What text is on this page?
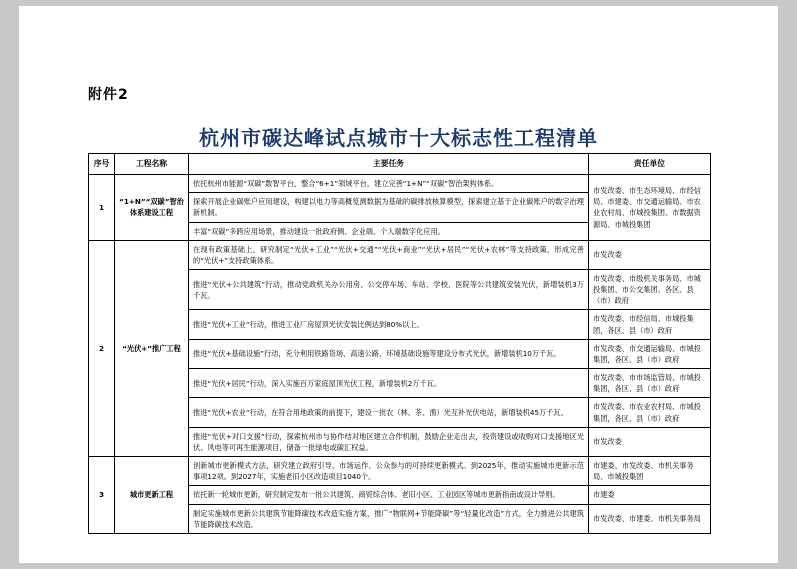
附件2
杭州市碳达峰试点城市十大标志性工程清单
序号	工程名称	主要任务	责任单位
1	“1+N”“双碳”智治体系建设工程	依托杭州市能源“双碳”数智平台，整合“6+1”领域平台，建立完善“1+N”“双碳”智治架构体系。	市发改委、市生态环境局、市经信局、市建委、市交通运输局、市农业农村局、市城投集团、市数据资源局、市城投集团
		探索开展企业碳账户应用建设，构建以电力等高概览测数据为基础的碳排放核算模型，探索建立基于企业碳账户的数字治理新机制。	
		丰富“双碳”多跨应用场景，推动建设一批政府侧、企业端、个人端数字化应用。	
2	“光伏+”推广工程	在现有政策基础上，研究制定“光伏+工业”“光伏+交通”“光伏+商业”“光伏+居民”“光伏+农林”等支持政策，形成完善的“光伏+”支持政策体系。	市发改委
		推进“光伏+公共建筑”行动，推动党政机关办公用房、公交停车场、车站、学校、医院等公共建筑安装光伏，新增装机3万千瓦。	市发改委、市级机关事务局、市城投集团、市公交集团、各区、县（市）政府
		推进“光伏+工业”行动，推进工业厂房屋顶光伏安装比例达到80%以上。	市发改委、市经信局、市城投集团，各区、县（市）政府
		推进“光伏+基础设施”行动，充分利用铁路货场、高速公路、环境基础设施等建设分布式光伏，新增装机10万千瓦。	市发改委、市交通运输局、市城投集团，各区、县（市）政府
		推进“光伏+居民”行动，深入实施百万家庭屋顶光伏工程，新增装机2万千瓦。	市发改委、市市场监管局、市城投集团，各区、县（市）政府
		推进“光伏+农业”行动，在符合用地政策的前提下，建设一批农（林、茶、渔）光互补光伏电站，新增装机45万千瓦。	市发改委、市农业农村局、市城投集团，各区、县（市）政府
		推进“光伏+对口支援”行动，探索杭州市与协作结对地区建立合作机制，鼓励企业走出去，投资建设或收购对口支援地区光伏、风电等可再生能源项目，储备一批绿电或碳汇权益。	市发改委
3	城市更新工程	创新城市更新模式方法，研究建立政府引导、市场运作、公众参与的可持续更新模式。到2025年，推动实施城市更新示范事项12项。到2027年，实施老旧小区改造项目1040个。	市建委、市发改委、市机关事务局、市城投集团
		依托新一轮城市更新，研究制定发布一批公共建筑、商贸综合体、老旧小区、工业园区等城市更新指南或设计导则。	市建委
		制定实施城市更新公共建筑节能降碳技术改造实施方案，推广“物联网+节能降碳”等“轻量化改造”方式，全力推进公共建筑节能降碳技术改造。	市发改委、市建委、市机关事务局
